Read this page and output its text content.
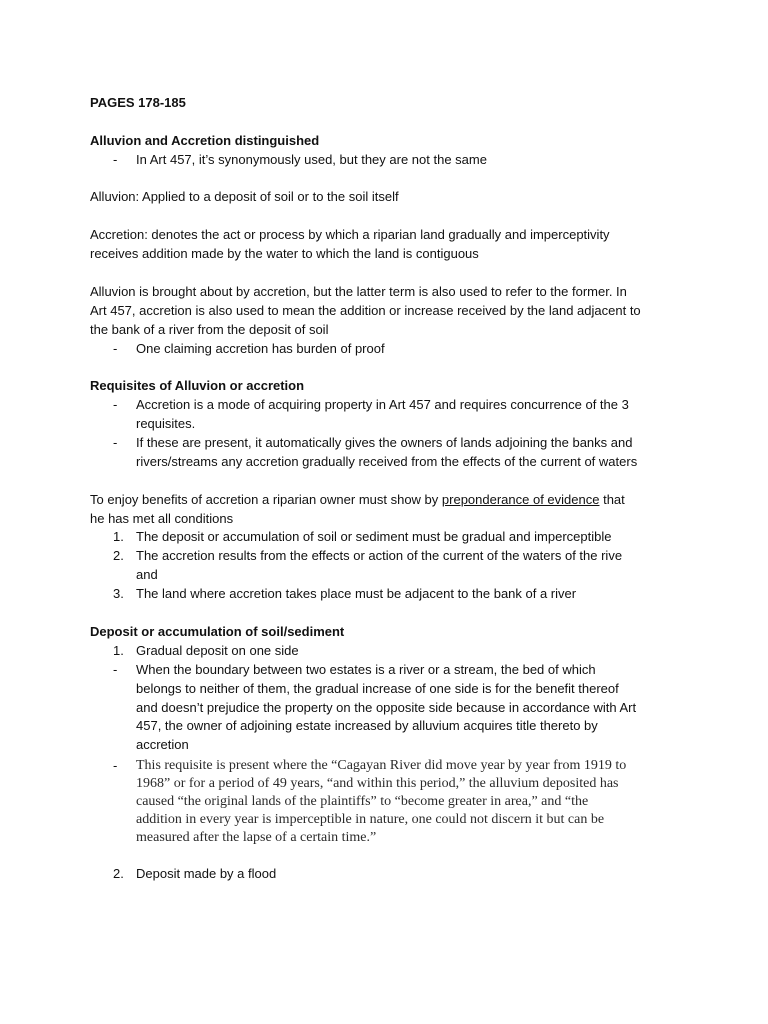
PAGES 178-185
Alluvion and Accretion distinguished
- In Art 457, it’s synonymously used, but they are not the same
Alluvion: Applied to a deposit of soil or to the soil itself
Accretion: denotes the act or process by which a riparian land gradually and imperceptivity
receives addition made by the water to which the land is contiguous
Alluvion is brought about by accretion, but the latter term is also used to refer to the former. In
Art 457, accretion is also used to mean the addition or increase received by the land adjacent to
the bank of a river from the deposit of soil
- One claiming accretion has burden of proof
Requisites of Alluvion or accretion
- Accretion is a mode of acquiring property in Art 457 and requires concurrence of the 3
requisites.
- If these are present, it automatically gives the owners of lands adjoining the banks and
rivers/streams any accretion gradually received from the effects of the current of waters
To enjoy benefits of accretion a riparian owner must show by preponderance of evidence that
he has met all conditions
1. The deposit or accumulation of soil or sediment must be gradual and imperceptible
2. The accretion results from the effects or action of the current of the waters of the rive
and
3. The land where accretion takes place must be adjacent to the bank of a river
Deposit or accumulation of soil/sediment
1. Gradual deposit on one side
- When the boundary between two estates is a river or a stream, the bed of which
belongs to neither of them, the gradual increase of one side is for the benefit thereof
and doesn’t prejudice the property on the opposite side because in accordance with Art
457, the owner of adjoining estate increased by alluvium acquires title thereto by
accretion
- This requisite is present where the “Cagayan River did move year by year from 1919 to
1968” or for a period of 49 years, “and within this period,” the alluvium deposited has
caused “the original lands of the plaintiffs” to “become greater in area,” and “the
addition in every year is imperceptible in nature, one could not discern it but can be
measured after the lapse of a certain time.”
2. Deposit made by a flood
